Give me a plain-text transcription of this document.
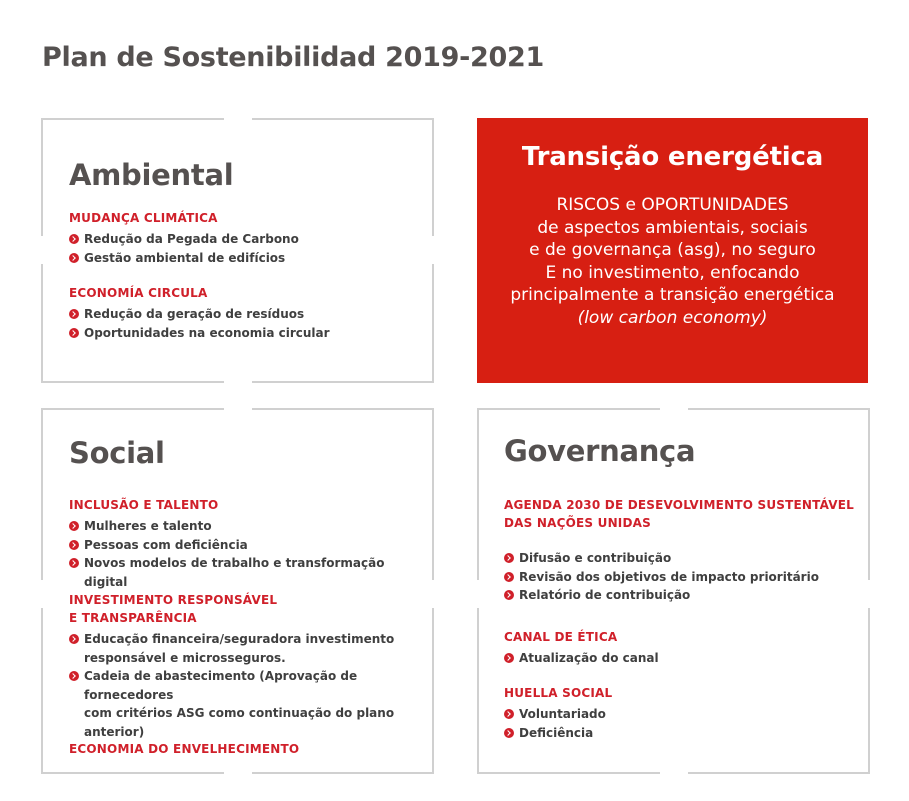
Plan de Sostenibilidad 2019-2021
Ambiental
MUDANÇA CLIMÁTICA
Redução da Pegada de Carbono
Gestão ambiental de edifícios
ECONOMÍA CIRCULA
Redução da geração de resíduos
Oportunidades na economia circular
Transição energética
RISCOS e OPORTUNIDADES
de aspectos ambientais, sociais
e de governança (asg), no seguro
E no investimento, enfocando
principalmente a transição energética
(low carbon economy)
Social
INCLUSÃO E TALENTO
Mulheres e talento
Pessoas com deficiência
Novos modelos de trabalho e transformação digital
INVESTIMENTO RESPONSÁVEL
E TRANSPARÊNCIA
Educação financeira/seguradora investimento
responsável e microsseguros.
Cadeia de abastecimento (Aprovação de fornecedores
com critérios ASG como continuação do plano
anterior)
ECONOMIA DO ENVELHECIMENTO
Governança
AGENDA 2030 DE DESEVOLVIMENTO SUSTENTÁVEL
DAS NAÇÕES UNIDAS
Difusão e contribuição
Revisão dos objetivos de impacto prioritário
Relatório de contribuição
CANAL DE ÉTICA
Atualização do canal
HUELLA SOCIAL
Voluntariado
Deficiência
